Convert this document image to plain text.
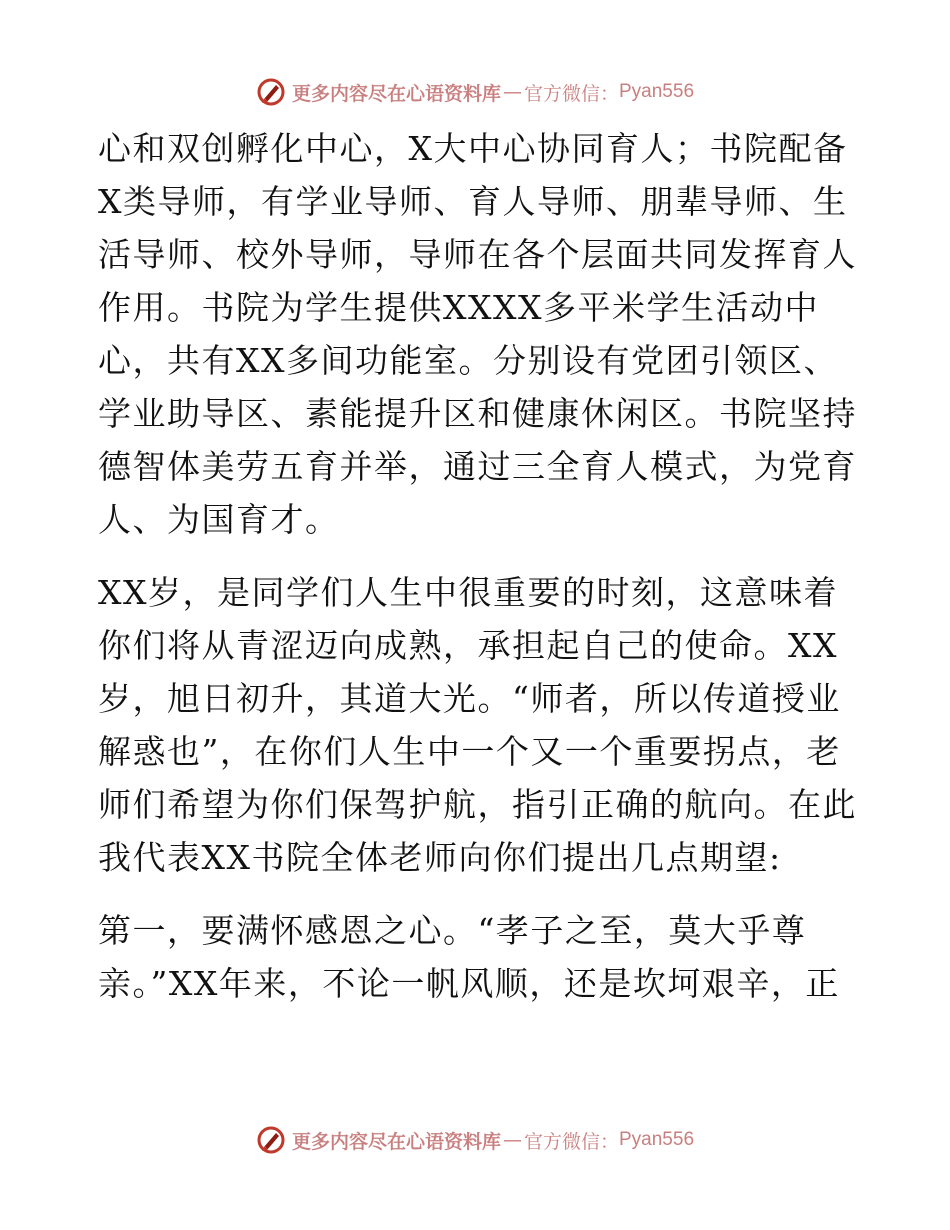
更多内容尽在心语资料库 — 官方微信： Pyan556

心和双创孵化中心，X大中心协同育人；书院配备
X类导师，有学业导师、育人导师、朋辈导师、生
活导师、校外导师，导师在各个层面共同发挥育人
作用。书院为学生提供XXXX多平米学生活动中
心，共有XX多间功能室。分别设有党团引领区、
学业助导区、素能提升区和健康休闲区。书院坚持
德智体美劳五育并举，通过三全育人模式，为党育
人、为国育才。

XX岁，是同学们人生中很重要的时刻，这意味着
你们将从青涩迈向成熟，承担起自己的使命。XX
岁，旭日初升，其道大光。“师者，所以传道授业
解惑也”，在你们人生中一个又一个重要拐点，老
师们希望为你们保驾护航，指引正确的航向。在此
我代表XX书院全体老师向你们提出几点期望:

第一，要满怀感恩之心。“孝子之至，莫大乎尊
亲。”XX年来，不论一帆风顺，还是坎坷艰辛，正

更多内容尽在心语资料库 — 官方微信： Pyan556
